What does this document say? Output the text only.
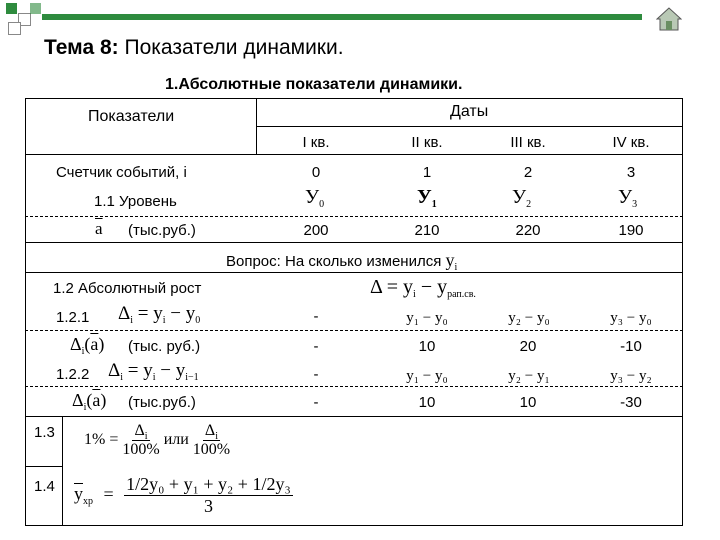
Тема 8: Показатели динамики.
1.Абсолютные показатели динамики.
Показатели	Даты
I кв.	II кв.	III кв.	IV кв.
Счетчик событий, i	0	1	2	3
1.1 Уровень	$У_0$	$У_1$	$У_2$	$У_3$
$\overline{a}$ (тыс.руб.)	200	210	220	190
Вопрос: На сколько изменился $y_i$
1.2 Абсолютный рост	$\Delta = y_i - y_{рап.св.}$
1.2.1 $\Delta_i = y_i - y_0$	-	y₁ − y₀	y₂ − y₀	y₃ − y₀
$\Delta_i(\overline{a})$ (тыс. руб.)	-	10	20	-10
1.2.2 $\Delta_i = y_i - y_{i-1}$	-	y₁ − y₀	y₂ − y₁	y₃ − y₂
$\Delta_i(\overline{a})$ (тыс.руб.)	-	10	10	-30
1.3 $1\% = \frac{\Delta_i}{100\%}$ или $\frac{\Delta_i}{100\%}$
1.4 $\overline{y}_{хр} = \frac{\text{1/2y₀ + y₁ + y₂ + 1/2y₃}}{3}$
